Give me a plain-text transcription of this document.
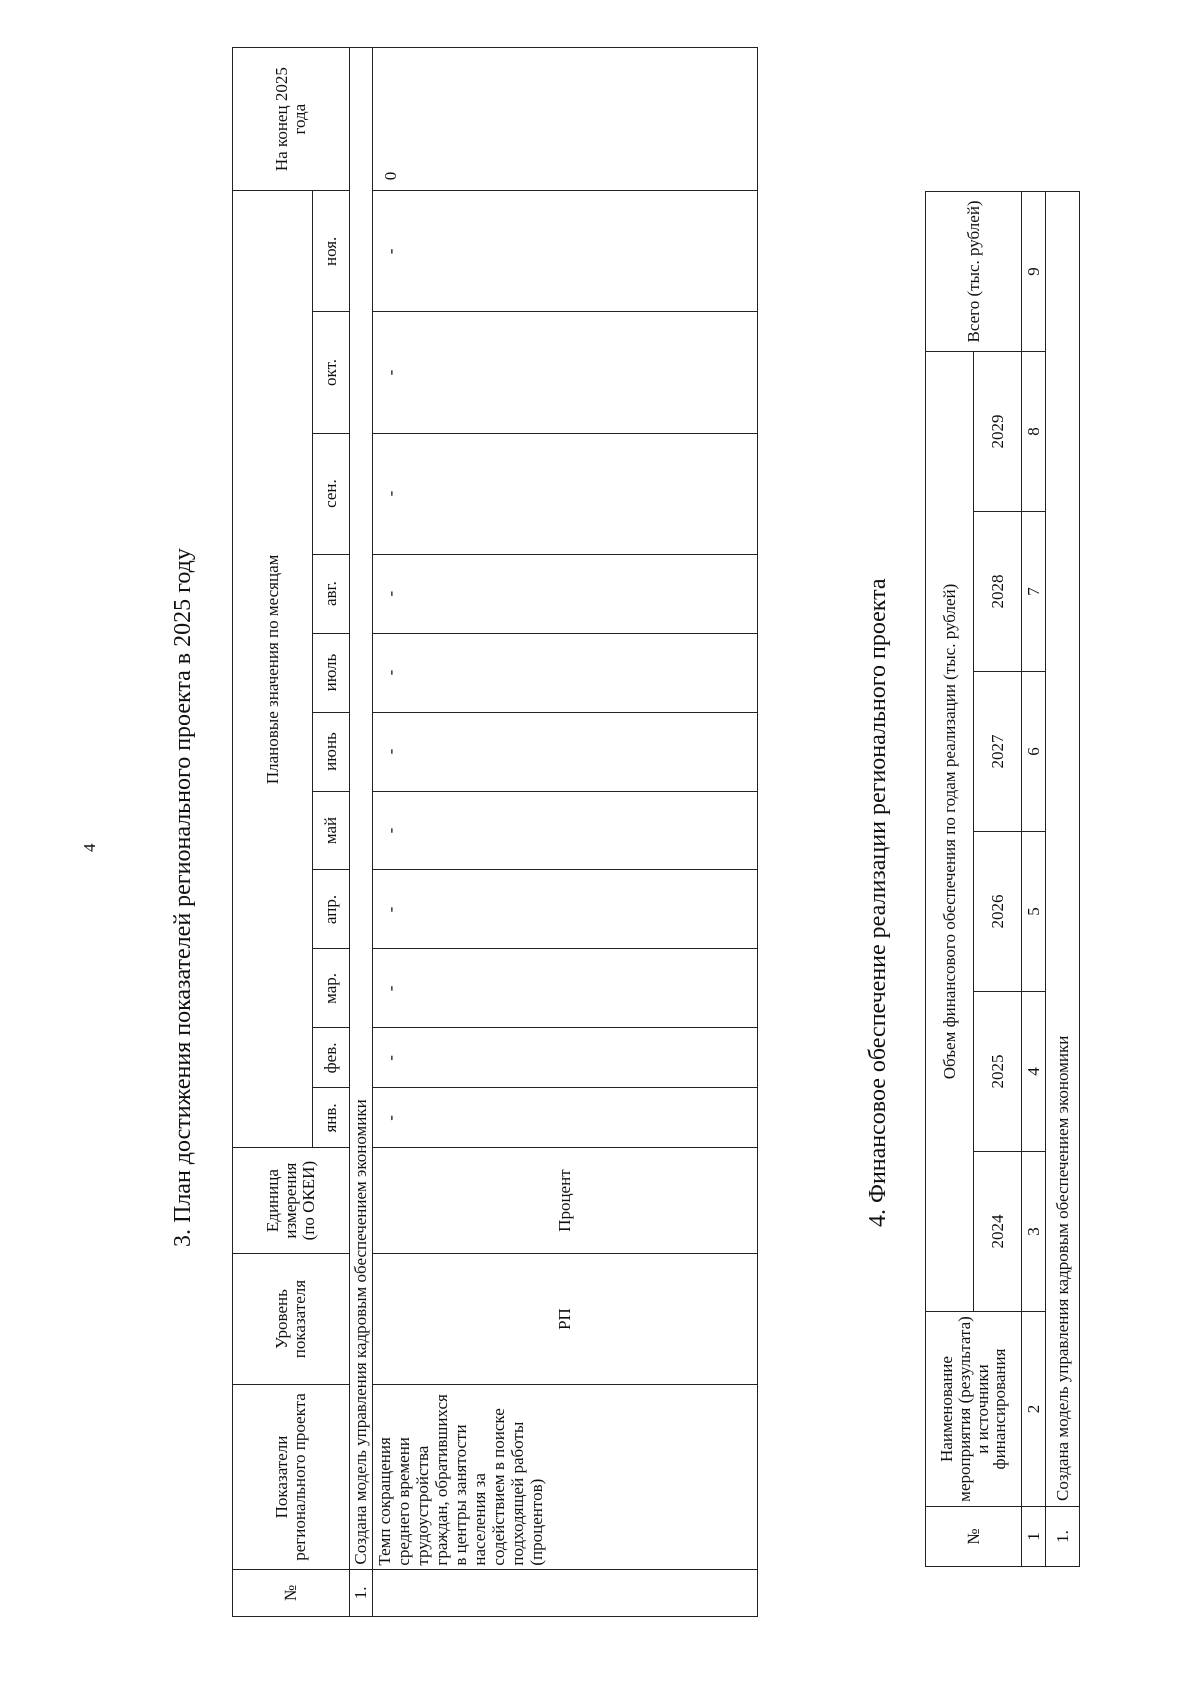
4	3. План достижения показателей регионального проекта в 2025 году
№	Показатели регионального проекта	Уровень показателя	Единица измерения (по ОКЕИ)	Плановые значения по месяцам											На конец 2025 года
				янв.	фев.	мар.	апр.	май	июнь	июль	авг.	сен.	окт.	ноя.	
1.	Создана модель управления кадровым обеспечением экономики														
	Темп сокращения среднего времени трудоустройства граждан, обратившихся в центры занятости населения за содействием в поиске подходящей работы (процентов)	РП	Процент	-	-	-	-	-	-	-	-	-	-	-	0
4. Финансовое обеспечение реализации регионального проекта
№	Наименование мероприятия (результата) и источники финансирования	Объем финансового обеспечения по годам реализации (тыс. рублей)						Всего (тыс. рублей)
		2024	2025	2026	2027	2028	2029	
1	2	3	4	5	6	7	8	9
1.	Создана модель управления кадровым обеспечением экономики							
